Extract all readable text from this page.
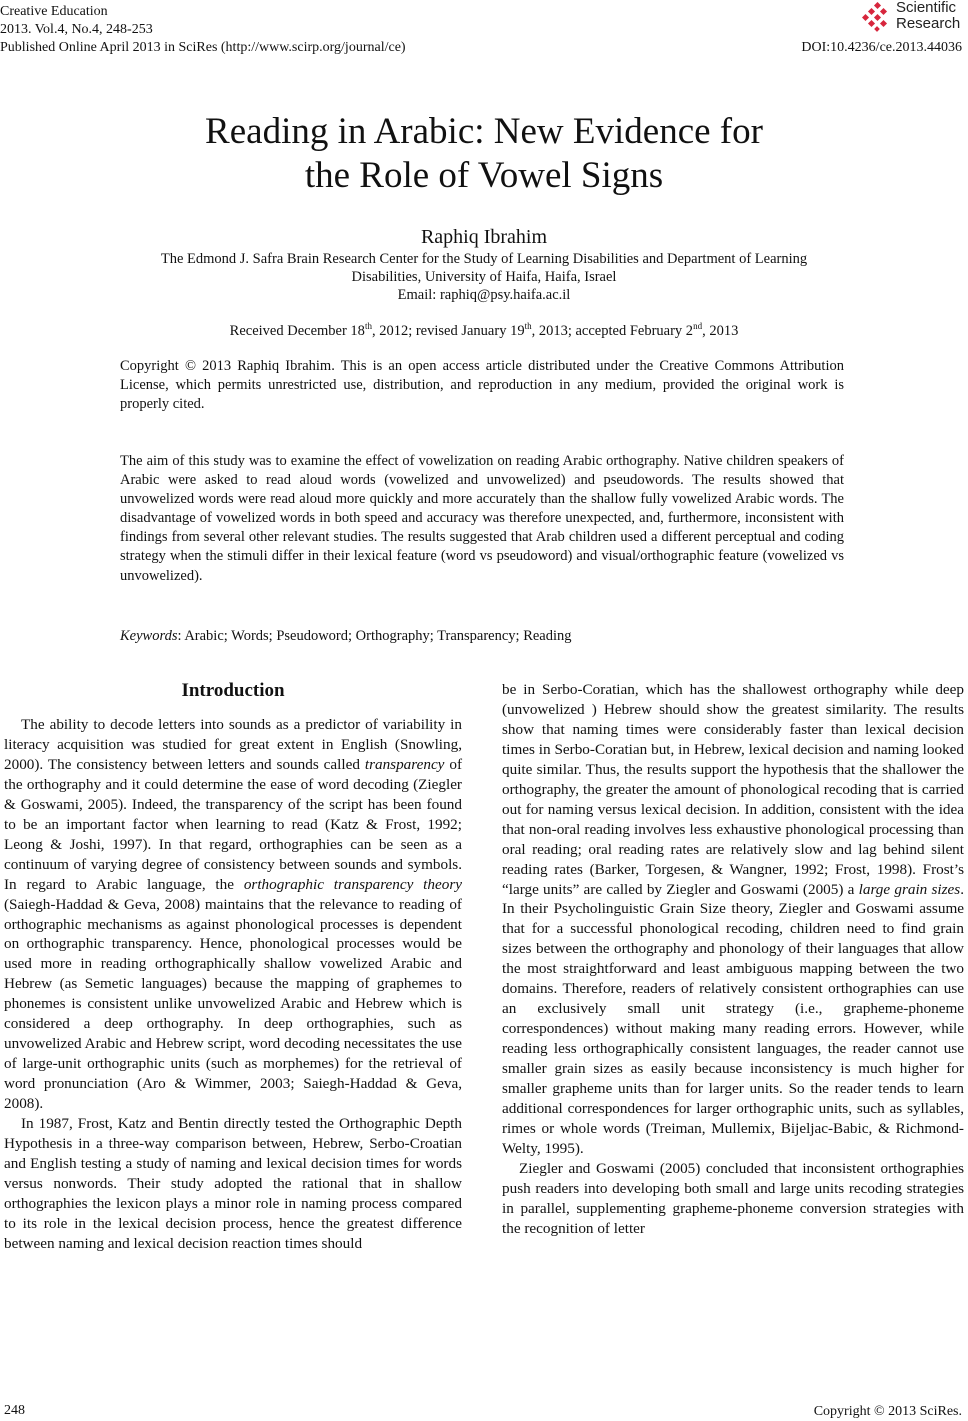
Creative Education
2013. Vol.4, No.4, 248-253
Published Online April 2013 in SciRes (http://www.scirp.org/journal/ce)	DOI:10.4236/ce.2013.44036
Scientific
Research
Reading in Arabic: New Evidence for
the Role of Vowel Signs
Raphiq Ibrahim
The Edmond J. Safra Brain Research Center for the Study of Learning Disabilities and Department of Learning
Disabilities, University of Haifa, Haifa, Israel
Email: raphiq@psy.haifa.ac.il
Received December 18th, 2012; revised January 19th, 2013; accepted February 2nd, 2013
Copyright © 2013 Raphiq Ibrahim. This is an open access article distributed under the Creative Commons Attribution License, which permits unrestricted use, distribution, and reproduction in any medium, provided the original work is properly cited.
The aim of this study was to examine the effect of vowelization on reading Arabic orthography. Native children speakers of Arabic were asked to read aloud words (vowelized and unvowelized) and pseudowords. The results showed that unvowelized words were read aloud more quickly and more accurately than the shallow fully vowelized Arabic words. The disadvantage of vowelized words in both speed and accuracy was therefore unexpected, and, furthermore, inconsistent with findings from several other relevant studies. The results suggested that Arab children used a different perceptual and coding strategy when the stimuli differ in their lexical feature (word vs pseudoword) and visual/orthographic feature (vowelized vs unvowelized).
Keywords: Arabic; Words; Pseudoword; Orthography; Transparency; Reading
Introduction

The ability to decode letters into sounds as a predictor of variability in literacy acquisition was studied for great extent in English (Snowling, 2000). The consistency between letters and sounds called transparency of the orthography and it could determine the ease of word decoding (Ziegler & Goswami, 2005). Indeed, the transparency of the script has been found to be an important factor when learning to read (Katz & Frost, 1992; Leong & Joshi, 1997). In that regard, orthographies can be seen as a continuum of varying degree of consistency between sounds and symbols. In regard to Arabic language, the orthographic transparency theory (Saiegh-Haddad & Geva, 2008) maintains that the relevance to reading of orthographic mechanisms as against phonological processes is dependent on orthographic transparency. Hence, phonological processes would be used more in reading orthographically shallow vowelized Arabic and Hebrew (as Semetic languages) because the mapping of graphemes to phonemes is consistent unlike unvowelized Arabic and Hebrew which is considered a deep orthography. In deep orthographies, such as unvowelized Arabic and Hebrew script, word decoding necessitates the use of large-unit orthographic units (such as morphemes) for the retrieval of word pronunciation (Aro & Wimmer, 2003; Saiegh-Haddad & Geva, 2008).

In 1987, Frost, Katz and Bentin directly tested the Orthographic Depth Hypothesis in a three-way comparison between, Hebrew, Serbo-Croatian and English testing a study of naming and lexical decision times for words versus nonwords. Their study adopted the rational that in shallow orthographies the lexicon plays a minor role in naming process compared to its role in the lexical decision process, hence the greatest difference between naming and lexical decision reaction times should

be in Serbo-Coratian, which has the shallowest orthography while deep (unvowelized ) Hebrew should show the greatest similarity. The results show that naming times were considerably faster than lexical decision times in Serbo-Coratian but, in Hebrew, lexical decision and naming looked quite similar. Thus, the results support the hypothesis that the shallower the orthography, the greater the amount of phonological recoding that is carried out for naming versus lexical decision. In addition, consistent with the idea that non-oral reading involves less exhaustive phonological processing than oral reading; oral reading rates are relatively slow and lag behind silent reading rates (Barker, Torgesen, & Wangner, 1992; Frost, 1998). Frost’s “large units” are called by Ziegler and Goswami (2005) a large grain sizes. In their Psycholinguistic Grain Size theory, Ziegler and Goswami assume that for a successful phonological recoding, children need to find grain sizes between the orthography and phonology of their languages that allow the most straightforward and least ambiguous mapping between the two domains. Therefore, readers of relatively consistent orthographies can use an exclusively small unit strategy (i.e., grapheme-phoneme correspondences) without making many reading errors. However, while reading less orthographically consistent languages, the reader cannot use smaller grain sizes as easily because inconsistency is much higher for smaller grapheme units than for larger units. So the reader tends to learn additional correspondences for larger orthographic units, such as syllables, rimes or whole words (Treiman, Mullemix, Bijeljac-Babic, & Richmond-Welty, 1995).

Ziegler and Goswami (2005) concluded that inconsistent orthographies push readers into developing both small and large units recoding strategies in parallel, supplementing grapheme-phoneme conversion strategies with the recognition of letter

248	Copyright © 2013 SciRes.
